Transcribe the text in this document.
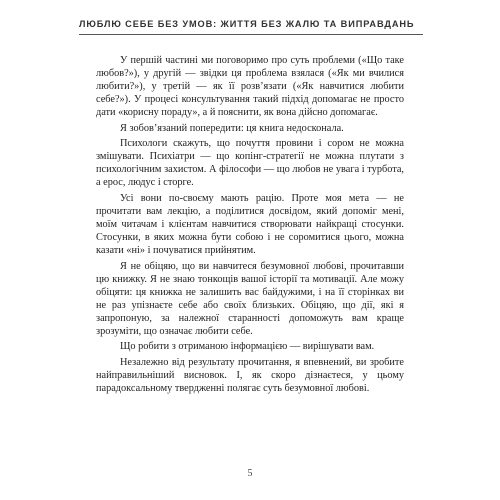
ЛЮБЛЮ СЕБЕ БЕЗ УМОВ: ЖИТТЯ БЕЗ ЖАЛЮ ТА ВИПРАВДАНЬ

У першій частині ми поговоримо про суть проблеми («Що таке любов?»), у другій — звідки ця проблема взялася («Як ми вчилися любити?»), у третій — як її розв’язати («Як навчитися любити себе?»). У процесі консультування такий підхід допомагає не просто дати «корисну пораду», а й пояснити, як вона дійсно допомагає.

Я зобов’язаний попередити: ця книга недосконала.

Психологи скажуть, що почуття провини і сором не можна змішувати. Психіатри — що копінг-стратегії не можна плутати з психологічним захистом. А філософи — що любов не увага і турбота, а ерос, людус і сторге.

Усі вони по-своєму мають рацію. Проте моя мета — не прочитати вам лекцію, а поділитися досвідом, який допоміг мені, моїм читачам і клієнтам навчитися створювати найкращі стосунки. Стосунки, в яких можна бути собою і не соромитися цього, можна казати «ні» і почуватися прийнятим.

Я не обіцяю, що ви навчитеся безумовної любові, прочитавши цю книжку. Я не знаю тонкощів вашої історії та мотивації. Але можу обіцяти: ця книжка не залишить вас байдужими, і на її сторінках ви не раз упізнаєте себе або своїх близьких. Обіцяю, що дії, які я запропоную, за належної старанності допоможуть вам краще зрозуміти, що означає любити себе.

Що робити з отриманою інформацією — вирішувати вам.

Незалежно від результату прочитання, я впевнений, ви зробите найправильніший висновок. І, як скоро дізнаєтеся, у цьому парадоксальному твердженні полягає суть безумовної любові.

5
